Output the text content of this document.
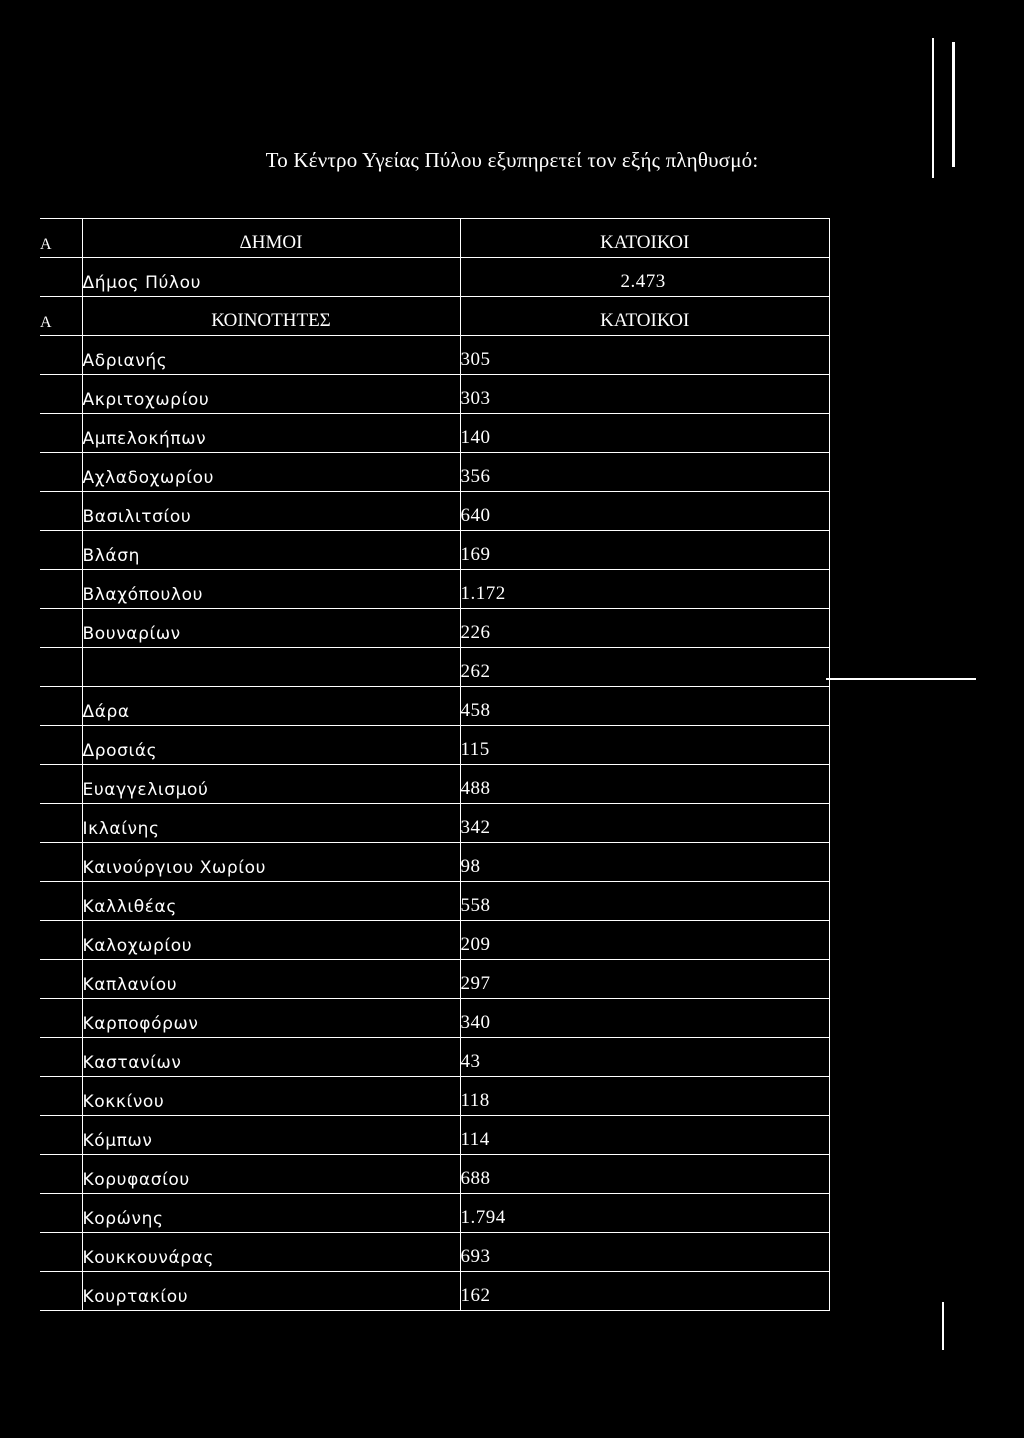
Το Κέντρο Υγείας Πύλου εξυπηρετεί τον εξής πληθυσμό:
Α	ΔΗΜΟΙ	ΚΑΤΟΙΚΟΙ
	Δήμος Πύλου	2.473
Α	ΚΟΙΝΟΤΗΤΕΣ	ΚΑΤΟΙΚΟΙ
	Αδριανής	305
	Ακριτοχωρίου	303
	Αμπελοκήπων	140
	Αχλαδοχωρίου	356
	Βασιλιτσίου	640
	Βλάση	169
	Βλαχόπουλου	1.172
	Βουναρίων	226
		262
	Δάρα	458
	Δροσιάς	115
	Ευαγγελισμού	488
	Ικλαίνης	342
	Καινούργιου Χωρίου	98
	Καλλιθέας	558
	Καλοχωρίου	209
	Καπλανίου	297
	Καρποφόρων	340
	Καστανίων	43
	Κοκκίνου	118
	Κόμπων	114
	Κορυφασίου	688
	Κορώνης	1.794
	Κουκκουνάρας	693
	Κουρτακίου	162
